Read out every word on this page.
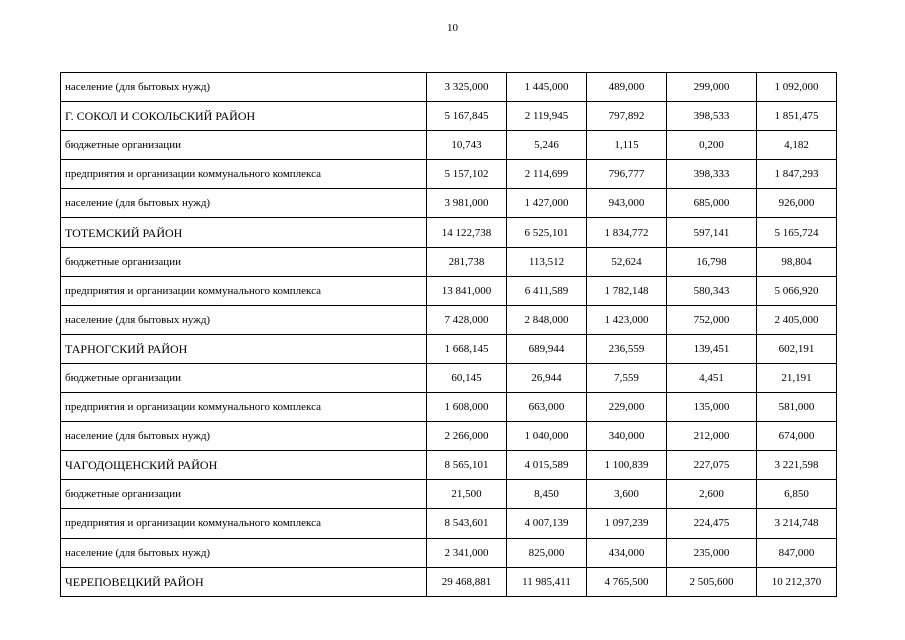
10
население (для бытовых нужд)	3 325,000	1 445,000	489,000	299,000	1 092,000
Г. СОКОЛ И СОКОЛЬСКИЙ РАЙОН	5 167,845	2 119,945	797,892	398,533	1 851,475
бюджетные организации	10,743	5,246	1,115	0,200	4,182
предприятия и организации коммунального комплекса	5 157,102	2 114,699	796,777	398,333	1 847,293
население (для бытовых нужд)	3 981,000	1 427,000	943,000	685,000	926,000
ТОТЕМСКИЙ РАЙОН	14 122,738	6 525,101	1 834,772	597,141	5 165,724
бюджетные организации	281,738	113,512	52,624	16,798	98,804
предприятия и организации коммунального комплекса	13 841,000	6 411,589	1 782,148	580,343	5 066,920
население (для бытовых нужд)	7 428,000	2 848,000	1 423,000	752,000	2 405,000
ТАРНОГСКИЙ РАЙОН	1 668,145	689,944	236,559	139,451	602,191
бюджетные организации	60,145	26,944	7,559	4,451	21,191
предприятия и организации коммунального комплекса	1 608,000	663,000	229,000	135,000	581,000
население (для бытовых нужд)	2 266,000	1 040,000	340,000	212,000	674,000
ЧАГОДОЩЕНСКИЙ РАЙОН	8 565,101	4 015,589	1 100,839	227,075	3 221,598
бюджетные организации	21,500	8,450	3,600	2,600	6,850
предприятия и организации коммунального комплекса	8 543,601	4 007,139	1 097,239	224,475	3 214,748
население (для бытовых нужд)	2 341,000	825,000	434,000	235,000	847,000
ЧЕРЕПОВЕЦКИЙ РАЙОН	29 468,881	11 985,411	4 765,500	2 505,600	10 212,370
